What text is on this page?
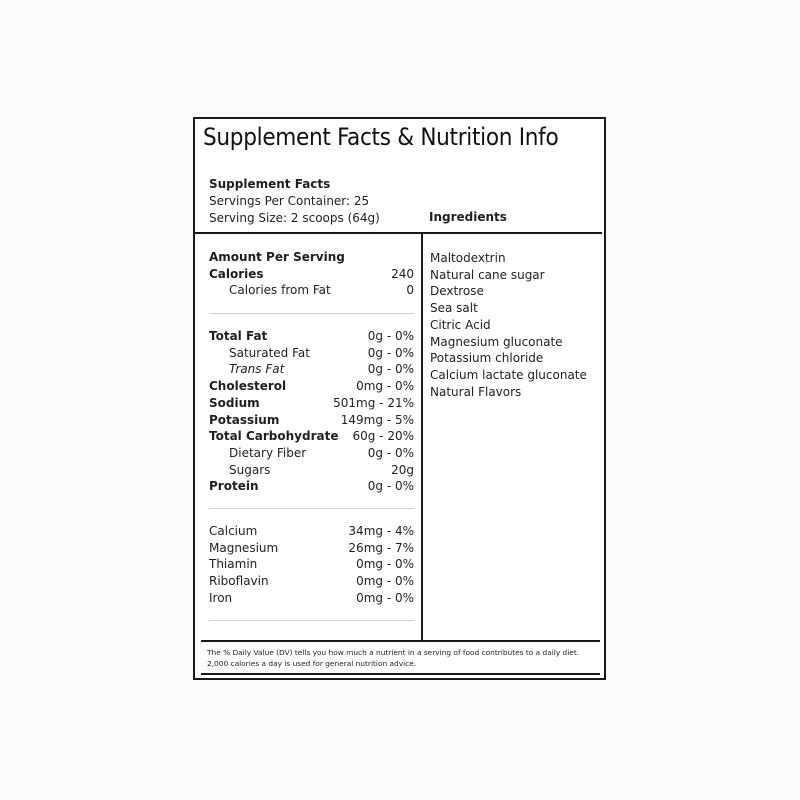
Supplement Facts & Nutrition Info
Supplement Facts
Servings Per Container: 25
Serving Size: 2 scoops (64g)	Ingredients
Amount Per Serving
Calories	240
Calories from Fat	0
Total Fat	0g - 0%
Saturated Fat	0g - 0%
Trans Fat	0g - 0%
Cholesterol	0mg - 0%
Sodium	501mg - 21%
Potassium	149mg - 5%
Total Carbohydrate 60g - 20%
Dietary Fiber	0g - 0%
Sugars	20g
Protein	0g - 0%
Calcium	34mg - 4%
Magnesium	26mg - 7%
Thiamin	0mg - 0%
Riboflavin	0mg - 0%
Iron	0mg - 0%
Maltodextrin
Natural cane sugar
Dextrose
Sea salt
Citric Acid
Magnesium gluconate
Potassium chloride
Calcium lactate gluconate
Natural Flavors
The % Daily Value (DV) tells you how much a nutrient in a serving of food contributes to a daily diet. 2,000 calories a day is used for general nutrition advice.
